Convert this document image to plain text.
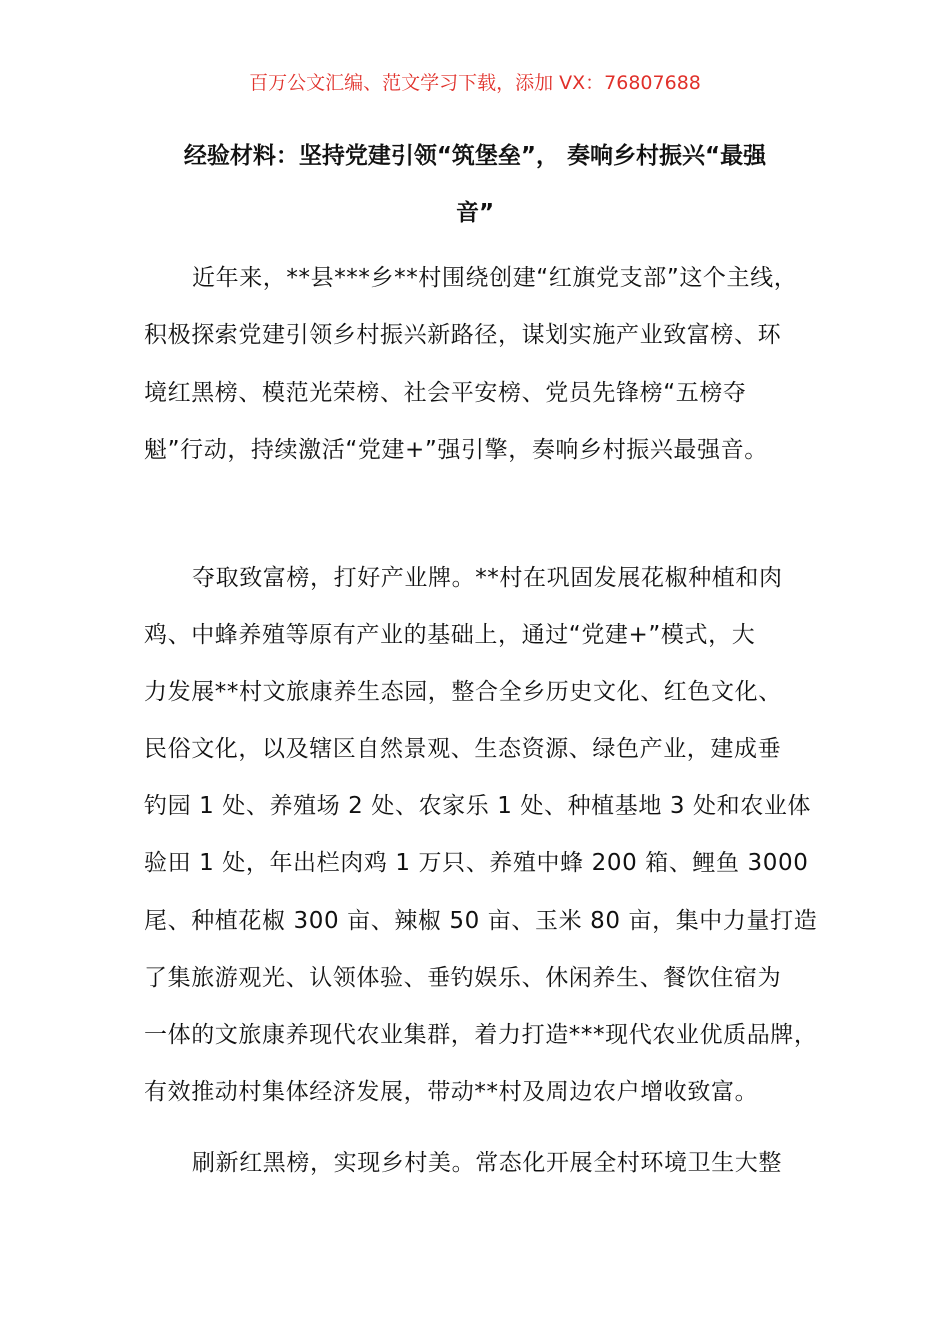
百万公文汇编、范文学习下载，添加 VX：76807688
经验材料：坚持党建引领“筑堡垒”， 奏响乡村振兴“最强
音”
近年来，**县***乡**村围绕创建“红旗党支部”这个主线，
积极探索党建引领乡村振兴新路径，谋划实施产业致富榜、环
境红黑榜、模范光荣榜、社会平安榜、党员先锋榜“五榜夺
魁”行动，持续激活“党建+”强引擎，奏响乡村振兴最强音。
夺取致富榜，打好产业牌。**村在巩固发展花椒种植和肉
鸡、中蜂养殖等原有产业的基础上，通过“党建+”模式，大
力发展**村文旅康养生态园，整合全乡历史文化、红色文化、
民俗文化，以及辖区自然景观、生态资源、绿色产业，建成垂
钓园 1 处、养殖场 2 处、农家乐 1 处、种植基地 3 处和农业体
验田 1 处，年出栏肉鸡 1 万只、养殖中蜂 200 箱、鲤鱼 3000
尾、种植花椒 300 亩、辣椒 50 亩、玉米 80 亩，集中力量打造
了集旅游观光、认领体验、垂钓娱乐、休闲养生、餐饮住宿为
一体的文旅康养现代农业集群，着力打造***现代农业优质品牌，
有效推动村集体经济发展，带动**村及周边农户增收致富。
刷新红黑榜，实现乡村美。常态化开展全村环境卫生大整
